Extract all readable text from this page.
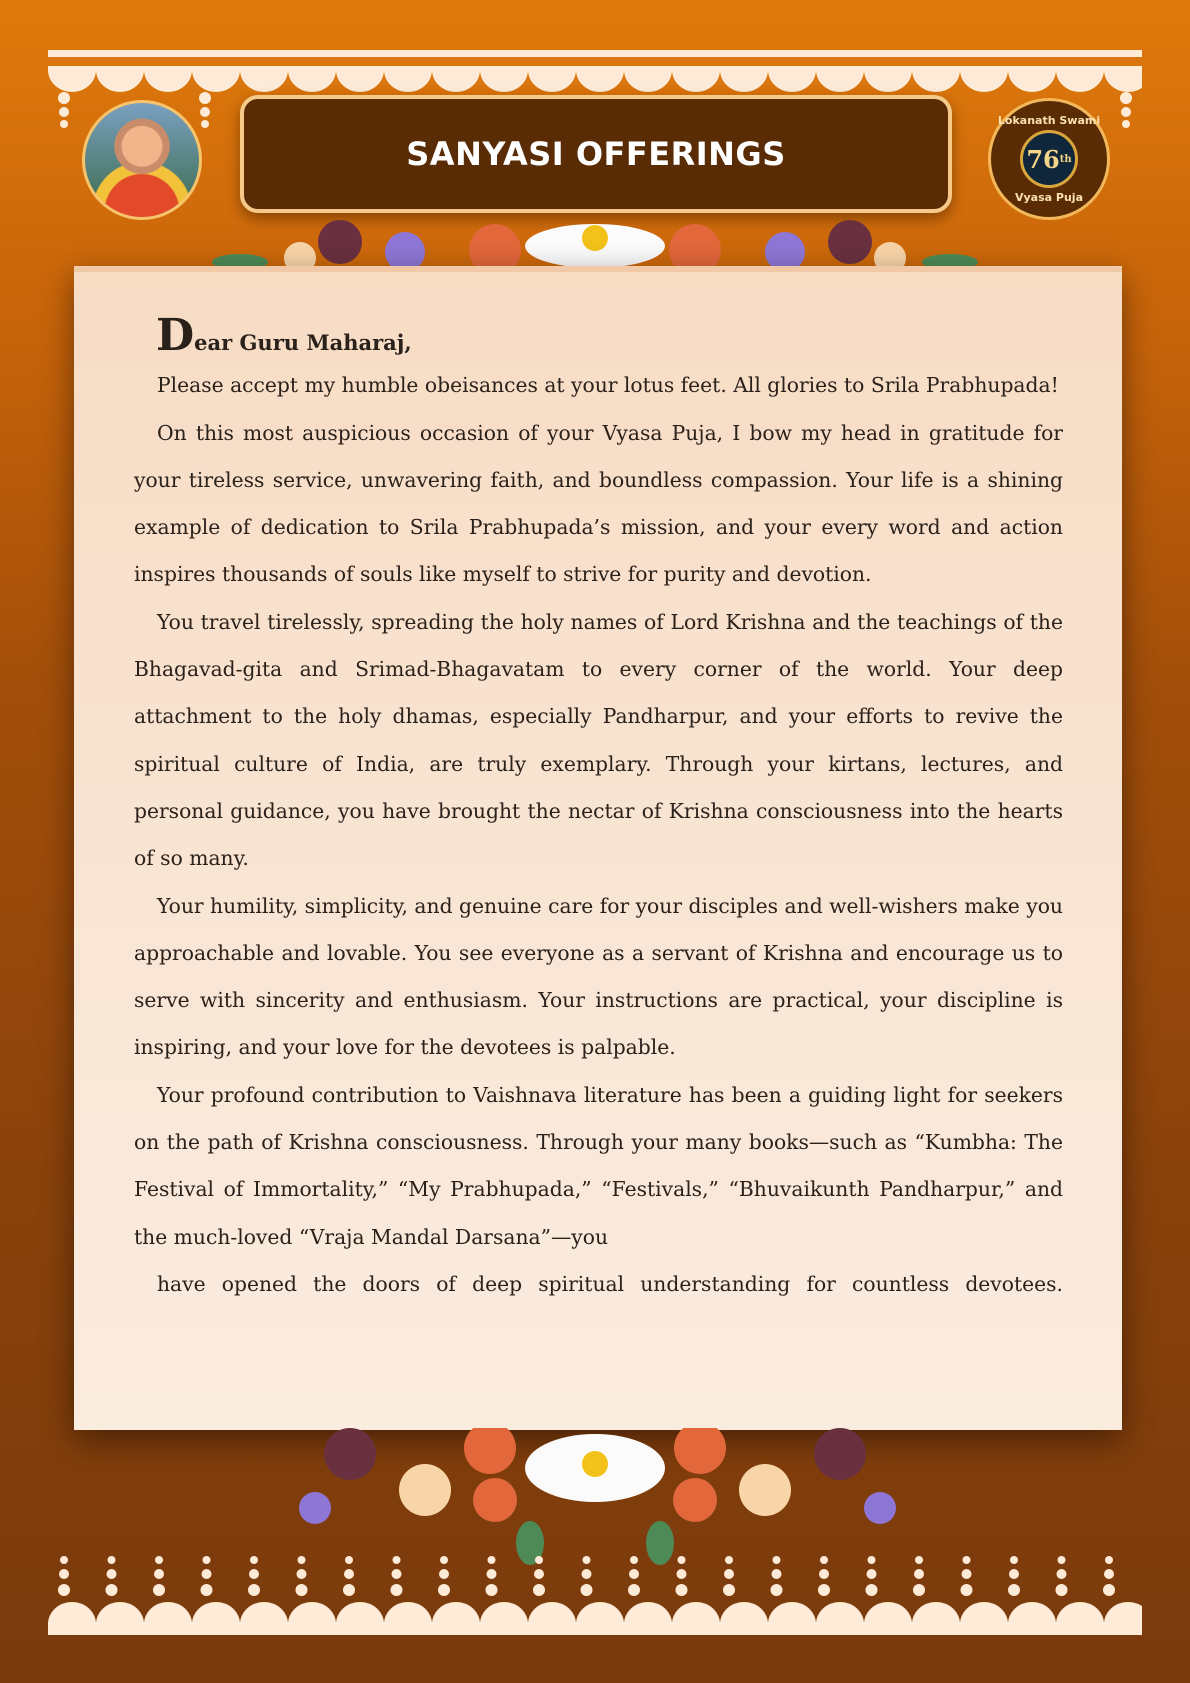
SANYASI OFFERINGS
Lokanath Swami
76 th
Vyasa Puja
Dear Guru Maharaj,

Please accept my humble obeisances at your lotus feet. All glories to Srila Prabhupada!

On this most auspicious occasion of your Vyasa Puja, I bow my head in gratitude for your tireless service, unwavering faith, and boundless compassion. Your life is a shining example of dedication to Srila Prabhupada’s mission, and your every word and action inspires thousands of souls like myself to strive for purity and devotion.

You travel tirelessly, spreading the holy names of Lord Krishna and the teachings of the Bhagavad-gita and Srimad-Bhagavatam to every corner of the world. Your deep attachment to the holy dhamas, especially Pandharpur, and your efforts to revive the spiritual culture of India, are truly exemplary. Through your kirtans, lectures, and personal guidance, you have brought the nectar of Krishna consciousness into the hearts of so many.

Your humility, simplicity, and genuine care for your disciples and well-wishers make you approachable and lovable. You see everyone as a servant of Krishna and encourage us to serve with sincerity and enthusiasm. Your instructions are practical, your discipline is inspiring, and your love for the devotees is palpable.

Your profound contribution to Vaishnava literature has been a guiding light for seekers on the path of Krishna consciousness. Through your many books—such as “Kumbha: The Festival of Immortality,” “My Prabhupada,” “Festivals,” “Bhuvaikunth Pandharpur,” and the much-loved “Vraja Mandal Darsana”—you

have opened the doors of deep spiritual understanding for countless devotees.
